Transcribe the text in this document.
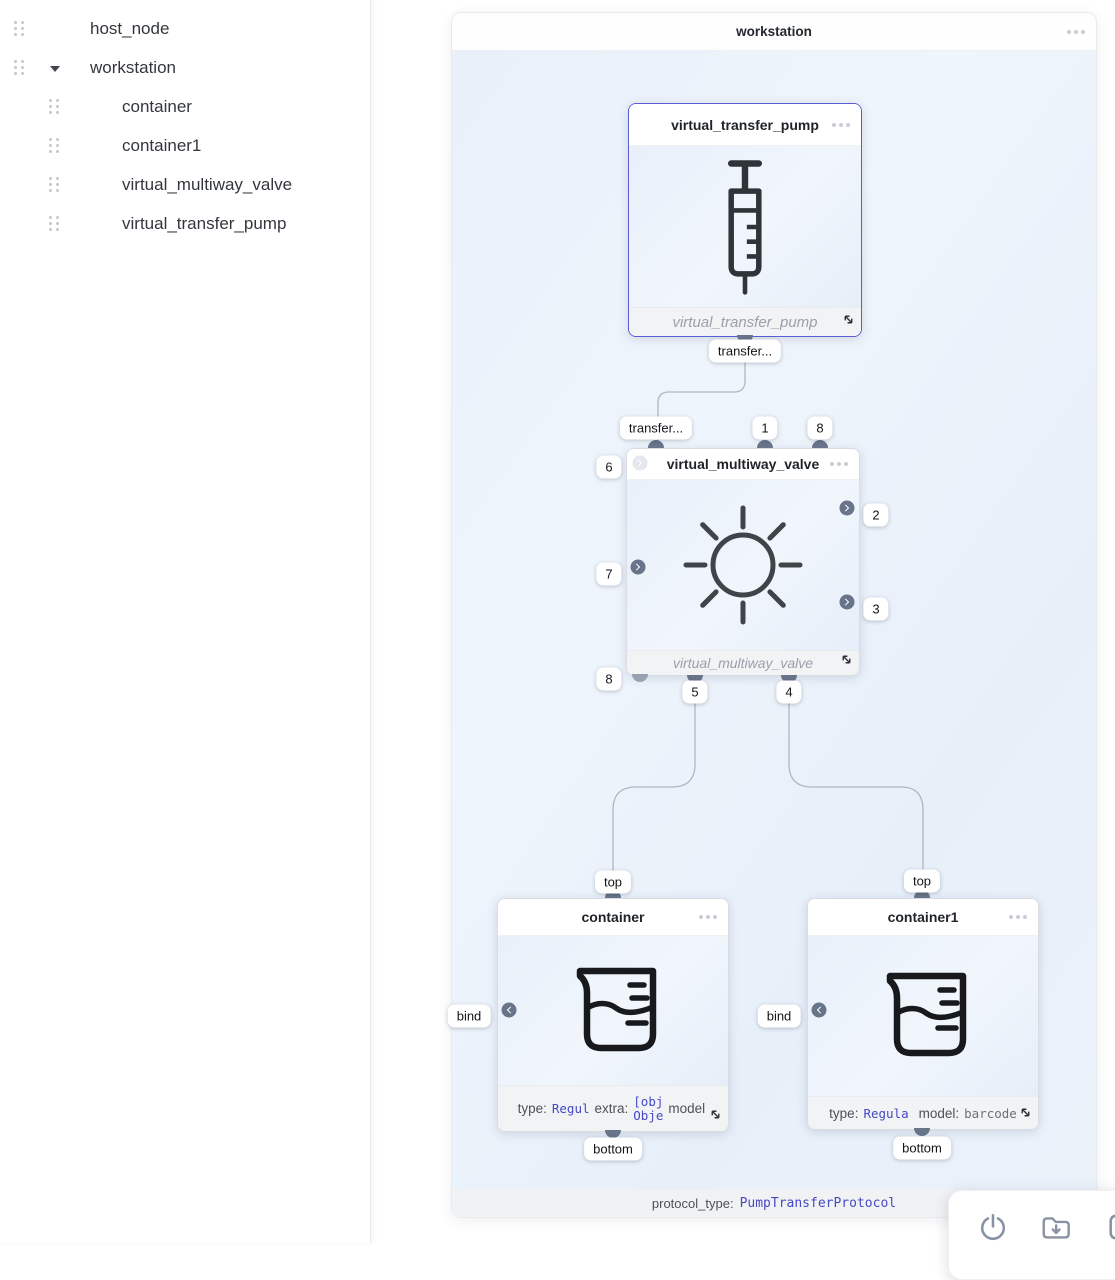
host_node
workstation
container
container1
virtual_multiway_valve
virtual_transfer_pump
workstation
protocol_type: PumpTransferProtocol
virtual_transfer_pump
virtual_transfer_pump
virtual_multiway_valve
virtual_multiway_valve
container
type: Regul extra: [obj
Obje model
container1
type: Regula model: barcode
transfer...
transfer...	1	8
6
7
8
2
3
5	4
top
bind
bottom
top
bind
bottom
